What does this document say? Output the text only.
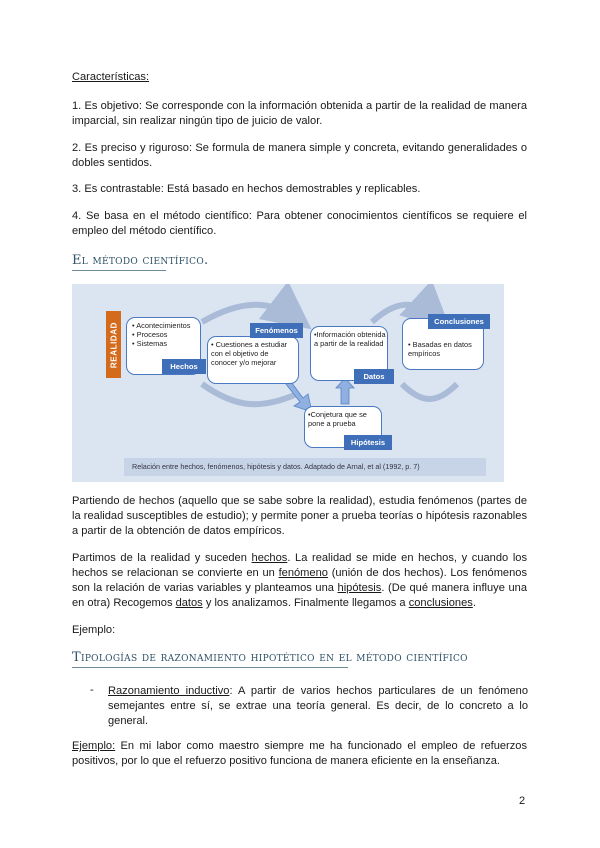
Características:

1. Es objetivo: Se corresponde con la información obtenida a partir de la realidad de manera imparcial, sin realizar ningún tipo de juicio de valor.

2. Es preciso y riguroso: Se formula de manera simple y concreta, evitando generalidades o dobles sentidos.

3. Es contrastable: Está basado en hechos demostrables y replicables.

4. Se basa en el método científico: Para obtener conocimientos científicos se requiere el empleo del método científico.

El método científico.
REALIDAD • Acontecimientos
• Procesos
• Sistemas
Hechos
• Cuestiones a estudiar con el objetivo de conocer y/o mejorar
Fenómenos	•Información obtenida a partir de la realidad
Datos
• Basadas en datos empíricos
Conclusiones
•Conjetura que se pone a prueba
Hipótesis
Relación entre hechos, fenómenos, hipótesis y datos. Adaptado de Arnal, et al (1992, p. 7)

Partiendo de hechos (aquello que se sabe sobre la realidad), estudia fenómenos (partes de la realidad susceptibles de estudio); y permite poner a prueba teorías o hipótesis razonables a partir de la obtención de datos empíricos.

Partimos de la realidad y suceden hechos. La realidad se mide en hechos, y cuando los hechos se relacionan se convierte en un fenómeno (unión de dos hechos). Los fenómenos son la relación de varias variables y planteamos una hipótesis. (De qué manera influye una en otra) Recogemos datos y los analizamos. Finalmente llegamos a conclusiones.

Ejemplo:

Tipologías de razonamiento hipotético en el método científico
- Razonamiento inductivo: A partir de varios hechos particulares de un fenómeno semejantes entre sí, se extrae una teoría general. Es decir, de lo concreto a lo general.

Ejemplo: En mi labor como maestro siempre me ha funcionado el empleo de refuerzos positivos, por lo que el refuerzo positivo funciona de manera eficiente en la enseñanza.

2
